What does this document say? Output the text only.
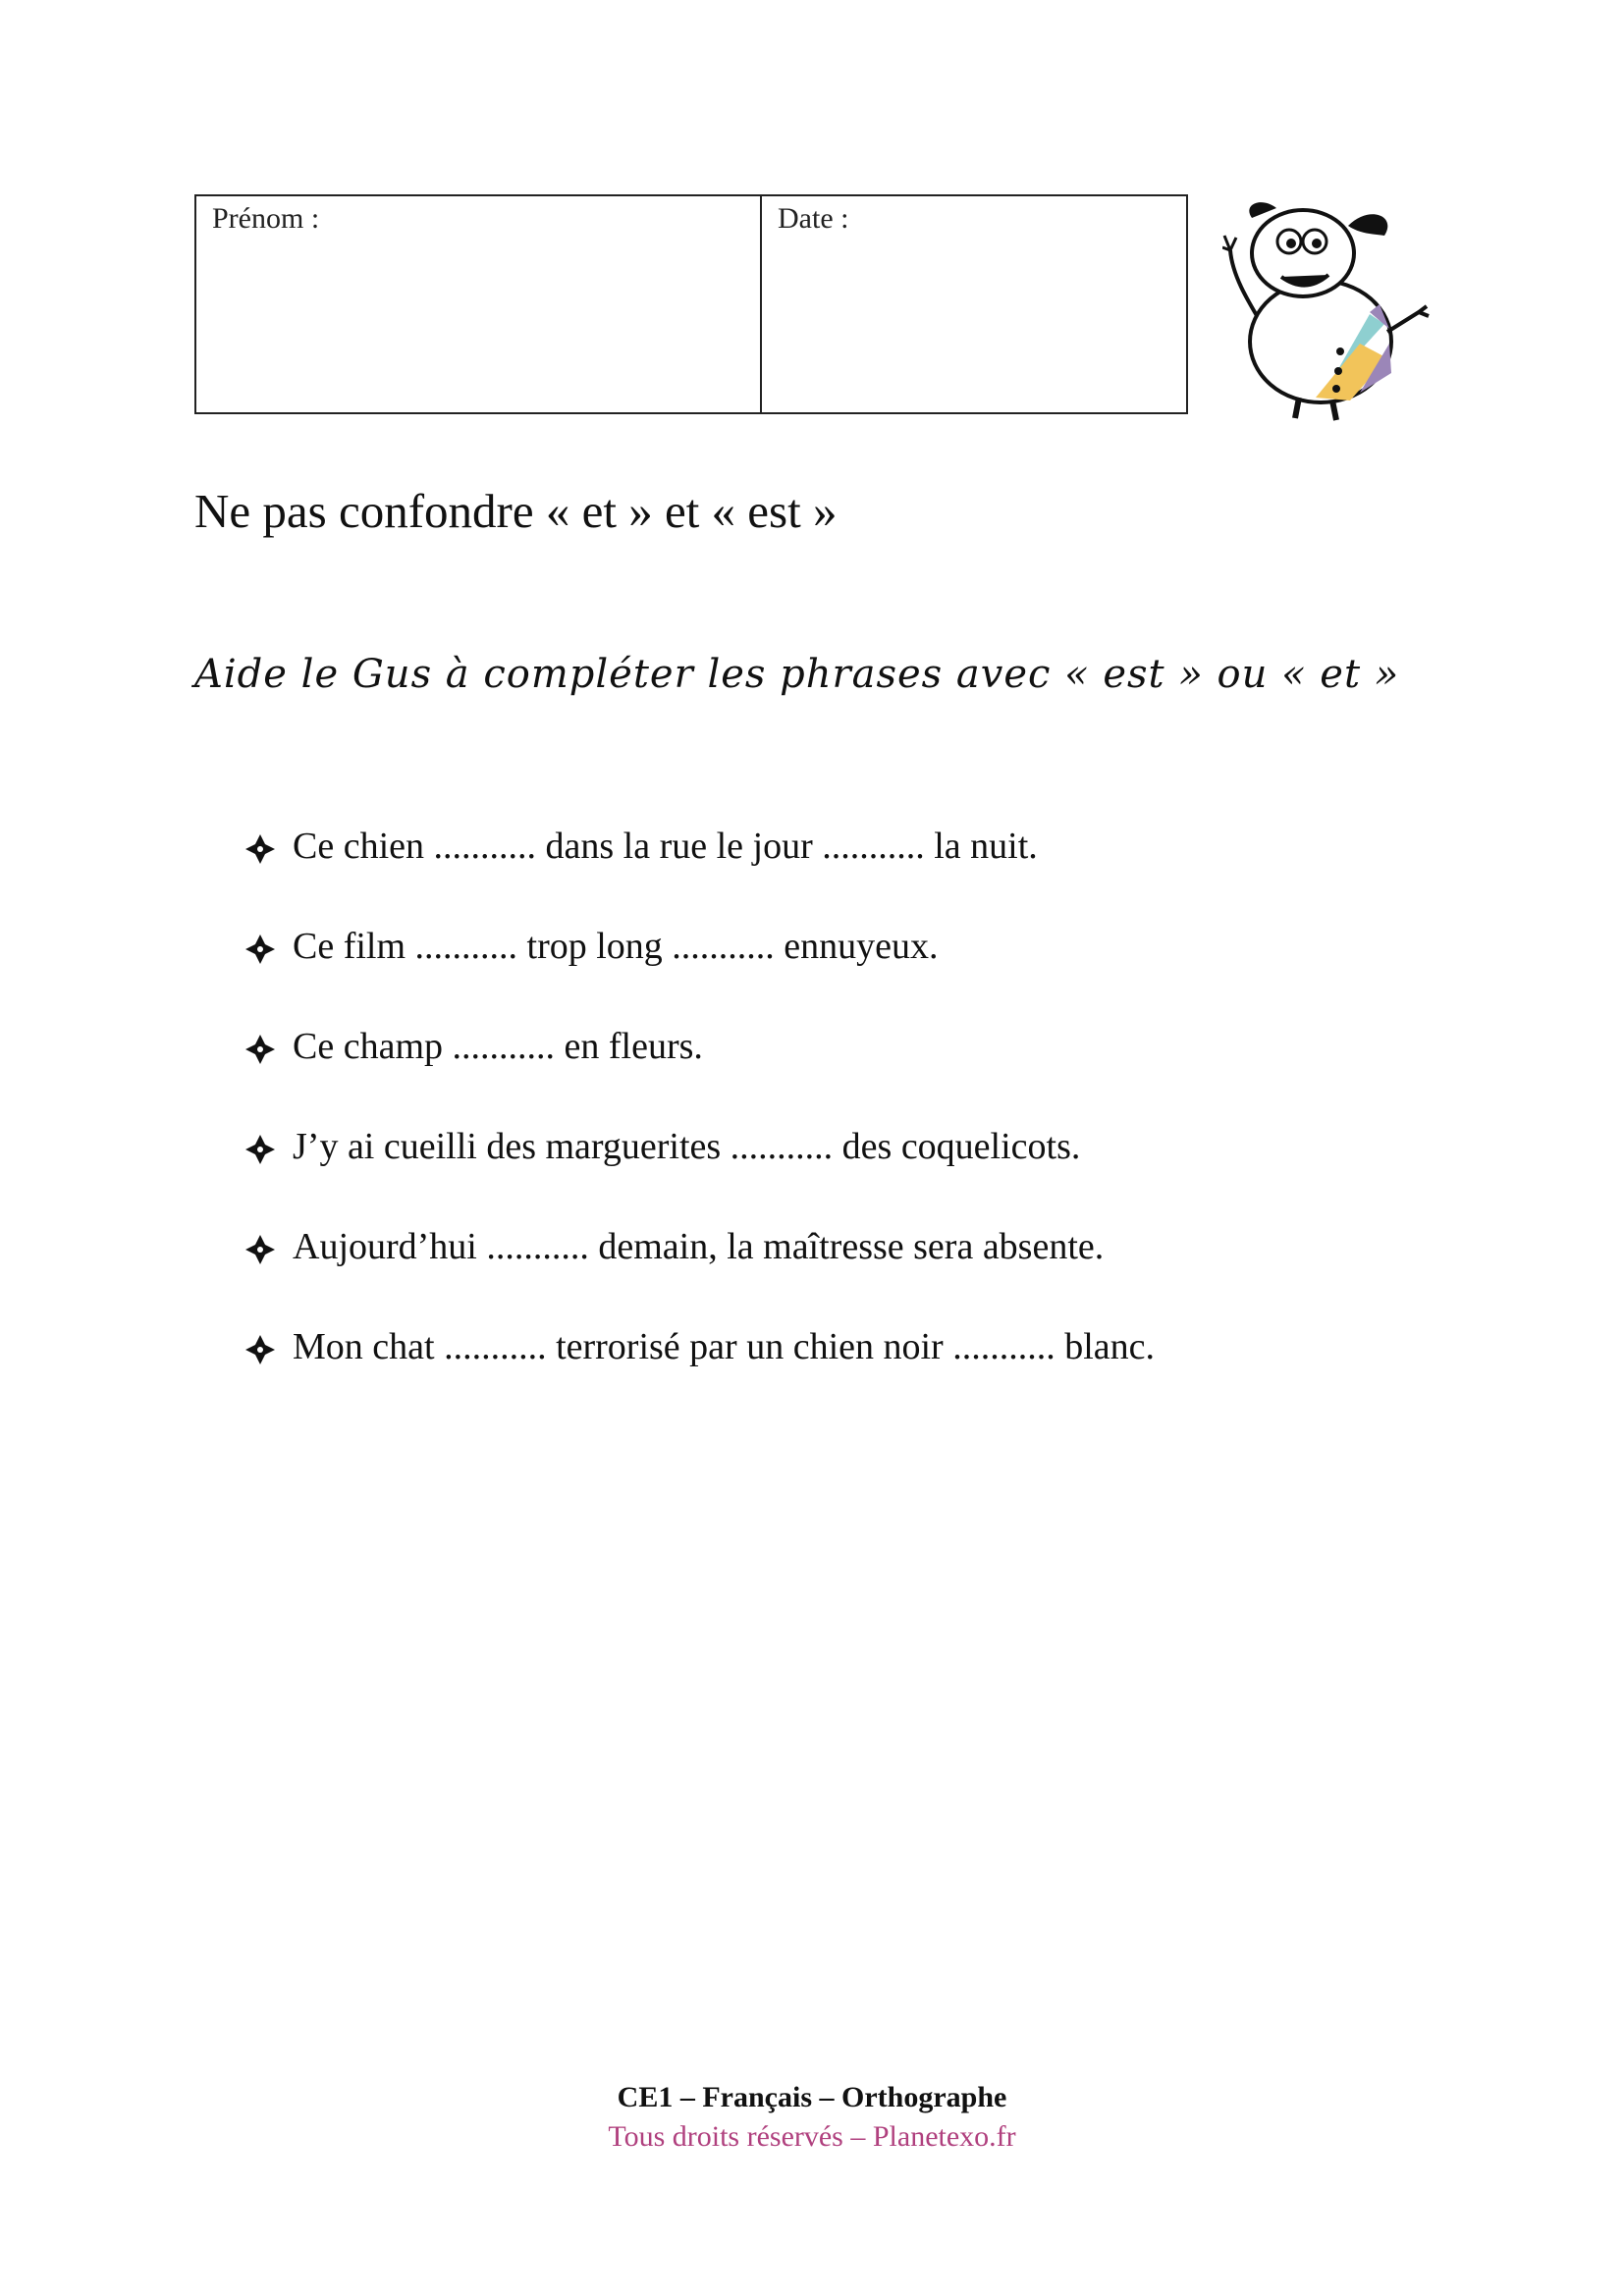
Prénom :	Date :
Ne pas confondre « et » et « est »

Aide le Gus à compléter les phrases avec « est » ou « et »

Ce chien ........... dans la rue le jour ........... la nuit.
Ce film ........... trop long ........... ennuyeux.
Ce champ ........... en fleurs.
J’y ai cueilli des marguerites ........... des coquelicots.
Aujourd’hui ........... demain, la maîtresse sera absente.
Mon chat ........... terrorisé par un chien noir ........... blanc.
CE1 – Français – Orthographe
Tous droits réservés – Planetexo.fr
